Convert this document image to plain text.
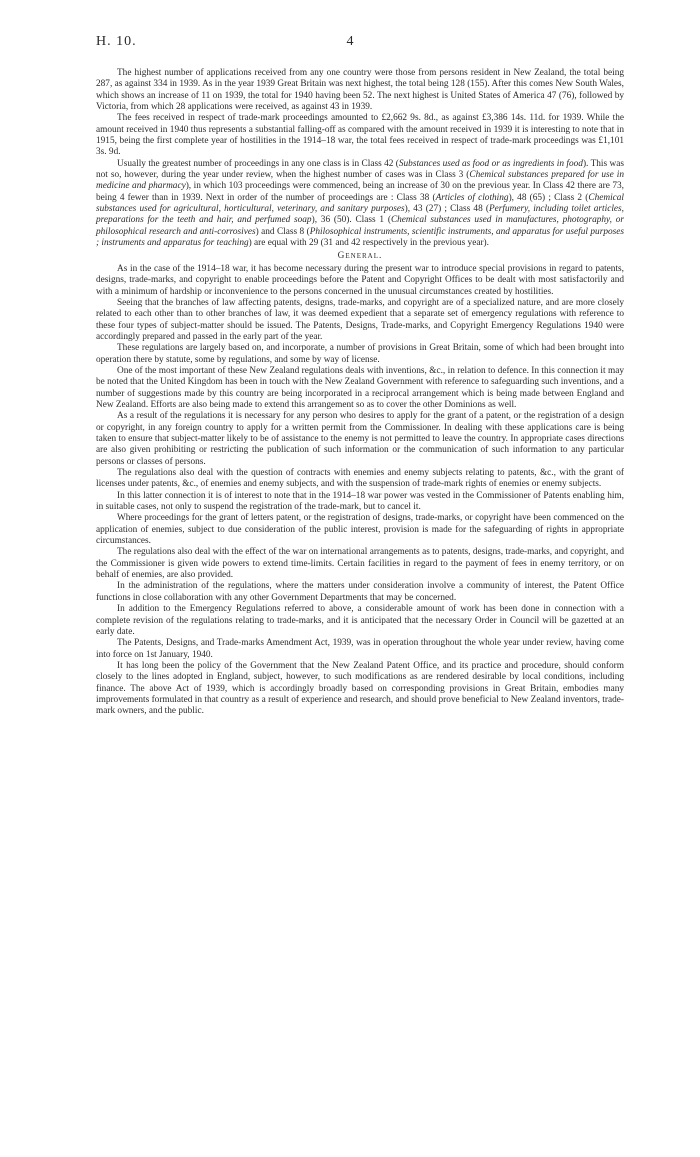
H. 10.	4

The highest number of applications received from any one country were those from persons resident in New Zealand, the total being 287, as against 334 in 1939. As in the year 1939 Great Britain was next highest, the total being 128 (155). After this comes New South Wales, which shows an increase of 11 on 1939, the total for 1940 having been 52. The next highest is United States of America 47 (76), followed by Victoria, from which 28 applications were received, as against 43 in 1939.

The fees received in respect of trade-mark proceedings amounted to £2,662 9s. 8d., as against £3,386 14s. 11d. for 1939. While the amount received in 1940 thus represents a substantial falling-off as compared with the amount received in 1939 it is interesting to note that in 1915, being the first complete year of hostilities in the 1914–18 war, the total fees received in respect of trade-mark proceedings was £1,101 3s. 9d.

Usually the greatest number of proceedings in any one class is in Class 42 (Substances used as food or as ingredients in food). This was not so, however, during the year under review, when the highest number of cases was in Class 3 (Chemical substances prepared for use in medicine and pharmacy), in which 103 proceedings were commenced, being an increase of 30 on the previous year. In Class 42 there are 73, being 4 fewer than in 1939. Next in order of the number of proceedings are : Class 38 (Articles of clothing), 48 (65) ; Class 2 (Chemical substances used for agricultural, horticultural, veterinary, and sanitary purposes), 43 (27) ; Class 48 (Perfumery, including toilet articles, preparations for the teeth and hair, and perfumed soap), 36 (50). Class 1 (Chemical substances used in manufactures, photography, or philosophical research and anti-corrosives) and Class 8 (Philosophical instruments, scientific instruments, and apparatus for useful purposes ; instruments and apparatus for teaching) are equal with 29 (31 and 42 respectively in the previous year).

General.

As in the case of the 1914–18 war, it has become necessary during the present war to introduce special provisions in regard to patents, designs, trade-marks, and copyright to enable proceedings before the Patent and Copyright Offices to be dealt with most satisfactorily and with a minimum of hardship or inconvenience to the persons concerned in the unusual circumstances created by hostilities.

Seeing that the branches of law affecting patents, designs, trade-marks, and copyright are of a specialized nature, and are more closely related to each other than to other branches of law, it was deemed expedient that a separate set of emergency regulations with reference to these four types of subject-matter should be issued. The Patents, Designs, Trade-marks, and Copyright Emergency Regulations 1940 were accordingly prepared and passed in the early part of the year.

These regulations are largely based on, and incorporate, a number of provisions in Great Britain, some of which had been brought into operation there by statute, some by regulations, and some by way of license.

One of the most important of these New Zealand regulations deals with inventions, &c., in relation to defence. In this connection it may be noted that the United Kingdom has been in touch with the New Zealand Government with reference to safeguarding such inventions, and a number of suggestions made by this country are being incorporated in a reciprocal arrangement which is being made between England and New Zealand. Efforts are also being made to extend this arrangement so as to cover the other Dominions as well.

As a result of the regulations it is necessary for any person who desires to apply for the grant of a patent, or the registration of a design or copyright, in any foreign country to apply for a written permit from the Commissioner. In dealing with these applications care is being taken to ensure that subject-matter likely to be of assistance to the enemy is not permitted to leave the country. In appropriate cases directions are also given prohibiting or restricting the publication of such information or the communication of such information to any particular persons or classes of persons.

The regulations also deal with the question of contracts with enemies and enemy subjects relating to patents, &c., with the grant of licenses under patents, &c., of enemies and enemy subjects, and with the suspension of trade-mark rights of enemies or enemy subjects.

In this latter connection it is of interest to note that in the 1914–18 war power was vested in the Commissioner of Patents enabling him, in suitable cases, not only to suspend the registration of the trade-mark, but to cancel it.

Where proceedings for the grant of letters patent, or the registration of designs, trade-marks, or copyright have been commenced on the application of enemies, subject to due consideration of the public interest, provision is made for the safeguarding of rights in appropriate circumstances.

The regulations also deal with the effect of the war on international arrangements as to patents, designs, trade-marks, and copyright, and the Commissioner is given wide powers to extend time-limits. Certain facilities in regard to the payment of fees in enemy territory, or on behalf of enemies, are also provided.

In the administration of the regulations, where the matters under consideration involve a community of interest, the Patent Office functions in close collaboration with any other Government Departments that may be concerned.

In addition to the Emergency Regulations referred to above, a considerable amount of work has been done in connection with a complete revision of the regulations relating to trade-marks, and it is anticipated that the necessary Order in Council will be gazetted at an early date.

The Patents, Designs, and Trade-marks Amendment Act, 1939, was in operation throughout the whole year under review, having come into force on 1st January, 1940.

It has long been the policy of the Government that the New Zealand Patent Office, and its practice and procedure, should conform closely to the lines adopted in England, subject, however, to such modifications as are rendered desirable by local conditions, including finance. The above Act of 1939, which is accordingly broadly based on corresponding provisions in Great Britain, embodies many improvements formulated in that country as a result of experience and research, and should prove beneficial to New Zealand inventors, trade-mark owners, and the public.
